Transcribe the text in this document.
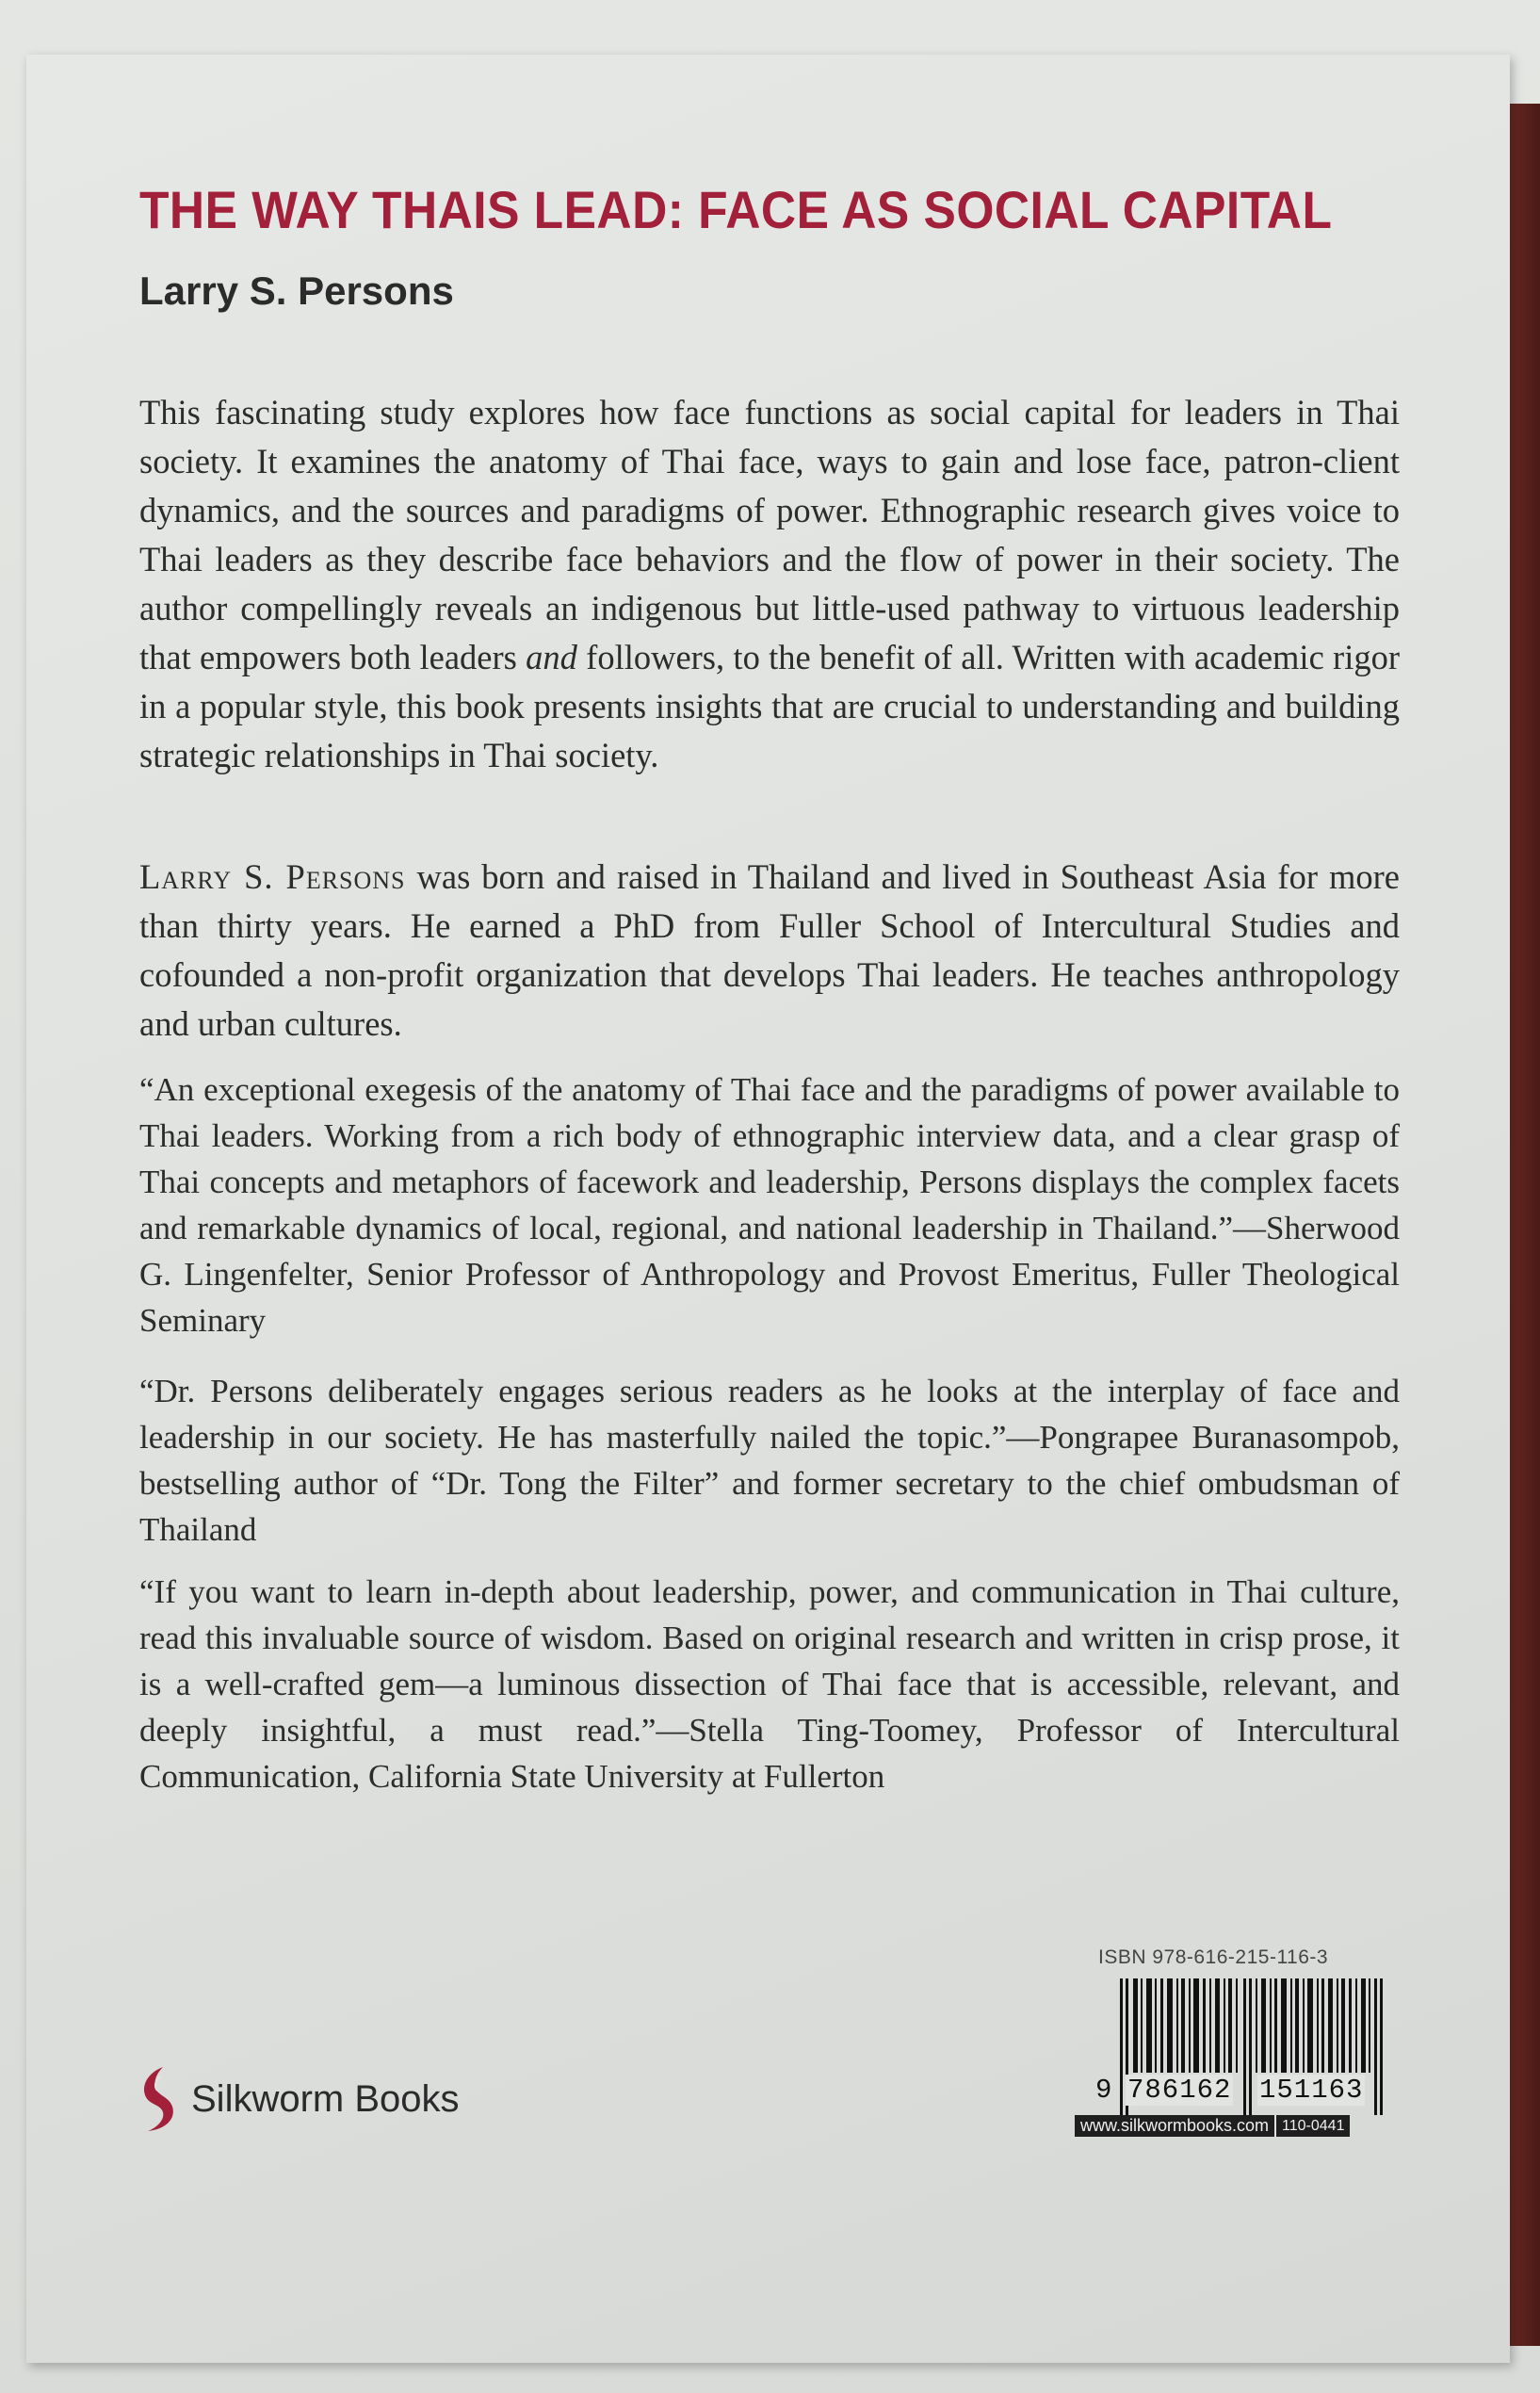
THE WAY THAIS LEAD: FACE AS SOCIAL CAPITAL
Larry S. Persons

This fascinating study explores how face functions as social capital for leaders in Thai society. It examines the anatomy of Thai face, ways to gain and lose face, patron-client dynamics, and the sources and paradigms of power. Ethnographic research gives voice to Thai leaders as they describe face behaviors and the flow of power in their society. The author compellingly reveals an indigenous but little-used pathway to virtuous leadership that empowers both leaders and followers, to the benefit of all. Written with academic rigor in a popular style, this book presents insights that are crucial to understanding and building strategic relationships in Thai society.

Larry S. Persons was born and raised in Thailand and lived in Southeast Asia for more than thirty years. He earned a PhD from Fuller School of Intercultural Studies and cofounded a non-profit organization that develops Thai leaders. He teaches anthropology and urban cultures.

“An exceptional exegesis of the anatomy of Thai face and the paradigms of power available to Thai leaders. Working from a rich body of ethnographic interview data, and a clear grasp of Thai concepts and metaphors of facework and leadership, Persons displays the complex facets and remarkable dynamics of local, regional, and national leadership in Thailand.”—Sherwood G. Lingenfelter, Senior Professor of Anthropology and Provost Emeritus, Fuller Theological Seminary

“Dr. Persons deliberately engages serious readers as he looks at the interplay of face and leadership in our society. He has masterfully nailed the topic.”—Pongrapee Buranasompob, bestselling author of “Dr. Tong the Filter” and former secretary to the chief ombudsman of Thailand

“If you want to learn in-depth about leadership, power, and communication in Thai culture, read this invaluable source of wisdom. Based on original research and written in crisp prose, it is a well-crafted gem—a luminous dissection of Thai face that is accessible, relevant, and deeply insightful, a must read.”—Stella Ting-Toomey, Professor of Intercultural Communication, California State University at Fullerton

Silkworm Books
ISBN 978-616-215-116-3

9

786162

151163

www.silkwormbooks.com 110-0441
